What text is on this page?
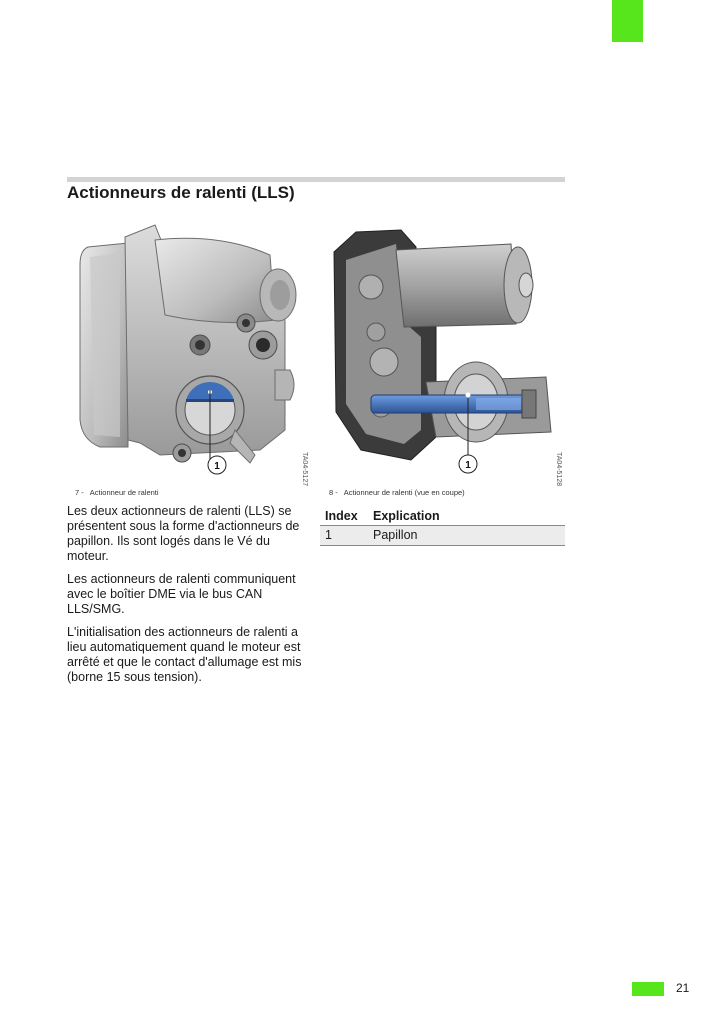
Actionneurs de ralenti (LLS)
1	TA04-5127	1	TA04-5128
7 - Actionneur de ralenti	8 - Actionneur de ralenti (vue en coupe)

Les deux actionneurs de ralenti (LLS) se présentent sous la forme d'actionneurs de papillon. Ils sont logés dans le Vé du moteur.

Les actionneurs de ralenti communiquent avec le boîtier DME via le bus CAN LLS/SMG.

L'initialisation des actionneurs de ralenti a lieu automatiquement quand le moteur est arrêté et que le contact d'allumage est mis (borne 15 sous tension).

Index	Explication
1	Papillon
21
